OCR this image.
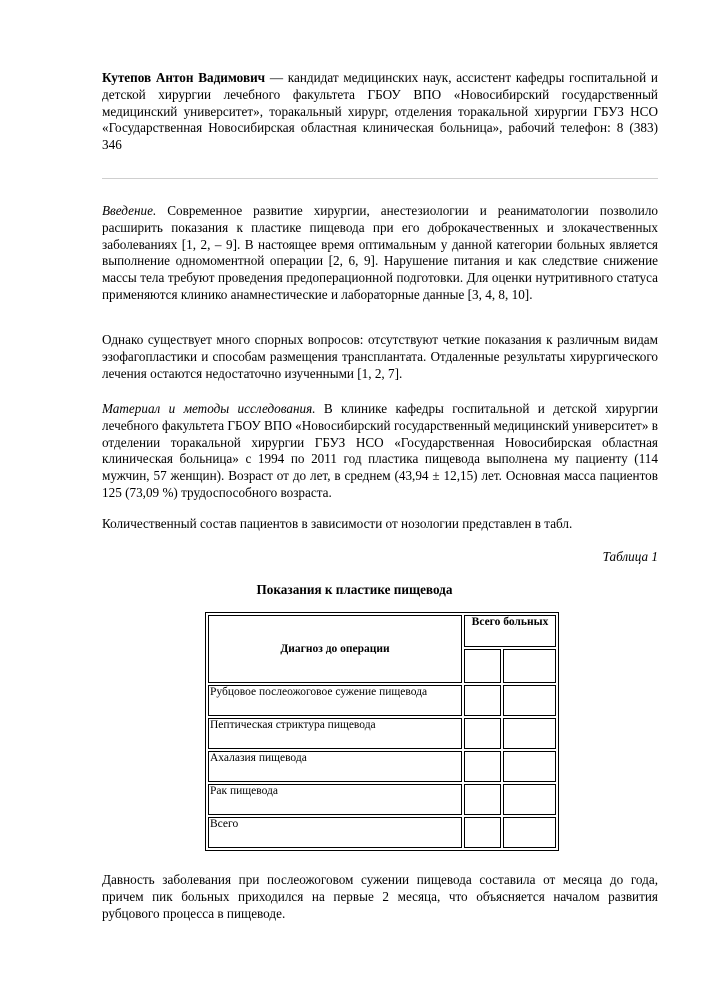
Кутепов Антон Вадимович — кандидат медицинских наук, ассистент кафедры госпитальной и детской хирургии лечебного факультета ГБОУ ВПО «Новосибирский государственный медицинский университет», торакальный хирург, отделения торакальной хирургии ГБУЗ НСО «Государственная Новосибирская областная клиническая больница», рабочий телефон: 8 (383) 346

Введение. Современное развитие хирургии, анестезиологии и реаниматологии позволило расширить показания к пластике пищевода при его доброкачественных и злокачественных заболеваниях [1, 2, – 9]. В настоящее время оптимальным у данной категории больных является выполнение одномоментной операции [2, 6, 9]. Нарушение питания и как следствие снижение массы тела требуют проведения предоперационной подготовки. Для оценки нутритивного статуса применяются клинико анамнестические и лабораторные данные [3, 4, 8, 10].

Однако существует много спорных вопросов: отсутствуют четкие показания к различным видам эзофагопластики и способам размещения трансплантата. Отдаленные результаты хирургического лечения остаются недостаточно изученными [1, 2, 7].

Материал и методы исследования. В клинике кафедры госпитальной и детской хирургии лечебного факультета ГБОУ ВПО «Новосибирский государственный медицинский университет» в отделении торакальной хирургии ГБУЗ НСО «Государственная Новосибирская областная клиническая больница» с 1994 по 2011 год пластика пищевода выполнена му пациенту (114 мужчин, 57 женщин). Возраст от до лет, в среднем (43,94 ± 12,15) лет. Основная масса пациентов 125 (73,09 %) трудоспособного возраста.

Количественный состав пациентов в зависимости от нозологии представлен в табл.

Таблица 1
Показания к пластике пищевода
Диагноз до операции	Всего больных	

Рубцовое послеожоговое сужение пищевода		
Пептическая стриктура пищевода		
Ахалазия пищевода		
Рак пищевода		
Всего		

Давность заболевания при послеожоговом сужении пищевода составила от месяца до года, причем пик больных приходился на первые 2 месяца, что объясняется началом развития рубцового процесса в пищеводе.
